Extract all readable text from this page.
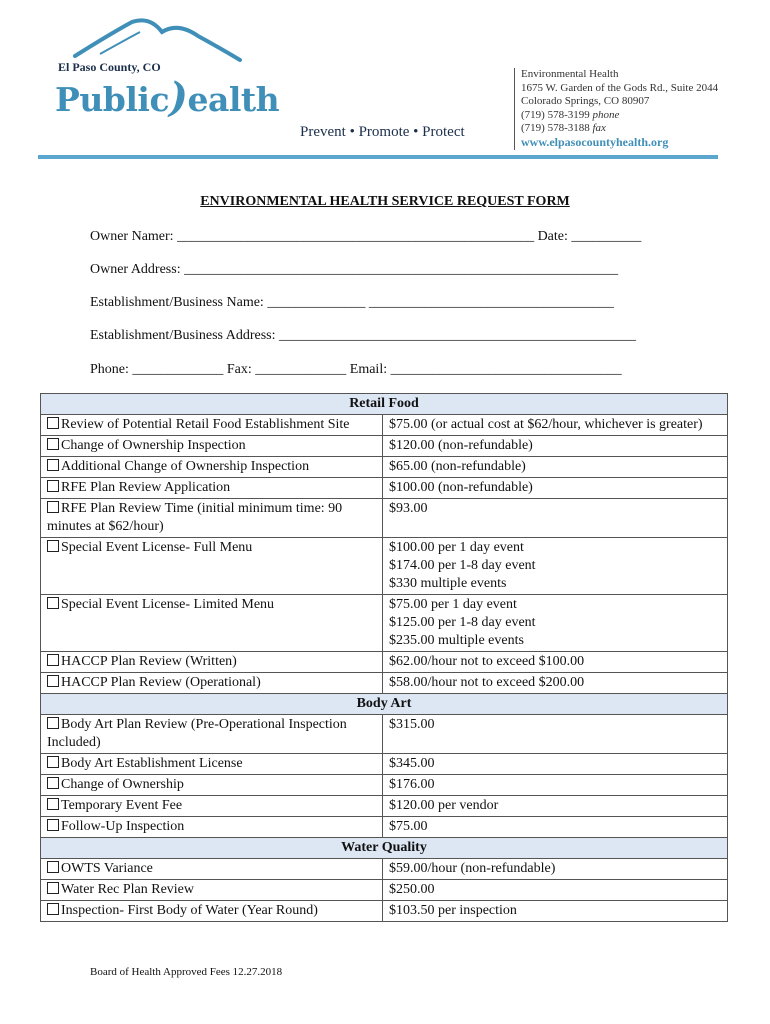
El Paso County, CO
Public)ealth
Prevent • Promote • Protect
Environmental Health
1675 W. Garden of the Gods Rd., Suite 2044
Colorado Springs, CO 80907
(719) 578-3199 phone
(719) 578-3188 fax
www.elpasocountyhealth.org
ENVIRONMENTAL HEALTH SERVICE REQUEST FORM
Owner Namer: ___________________________________________________ Date: __________
Owner Address: ______________________________________________________________
Establishment/Business Name: ______________ ___________________________________
Establishment/Business Address: ___________________________________________________
Phone: _____________ Fax: _____________ Email: _________________________________
Retail Food	
Review of Potential Retail Food Establishment Site	$75.00 (or actual cost at $62/hour, whichever is greater)
Change of Ownership Inspection	$120.00 (non-refundable)
Additional Change of Ownership Inspection	$65.00 (non-refundable)
RFE Plan Review Application	$100.00 (non-refundable)
RFE Plan Review Time (initial minimum time: 90 minutes at $62/hour)	$93.00
Special Event License- Full Menu	$100.00 per 1 day event
$174.00 per 1-8 day event
$330 multiple events
Special Event License- Limited Menu	$75.00 per 1 day event
$125.00 per 1-8 day event
$235.00 multiple events
HACCP Plan Review (Written)	$62.00/hour not to exceed $100.00
HACCP Plan Review (Operational)	$58.00/hour not to exceed $200.00
Body Art	
Body Art Plan Review (Pre-Operational Inspection Included)	$315.00
Body Art Establishment License	$345.00
Change of Ownership	$176.00
Temporary Event Fee	$120.00 per vendor
Follow-Up Inspection	$75.00
Water Quality	
OWTS Variance	$59.00/hour (non-refundable)
Water Rec Plan Review	$250.00
Inspection- First Body of Water (Year Round)	$103.50 per inspection
Board of Health Approved Fees 12.27.2018
